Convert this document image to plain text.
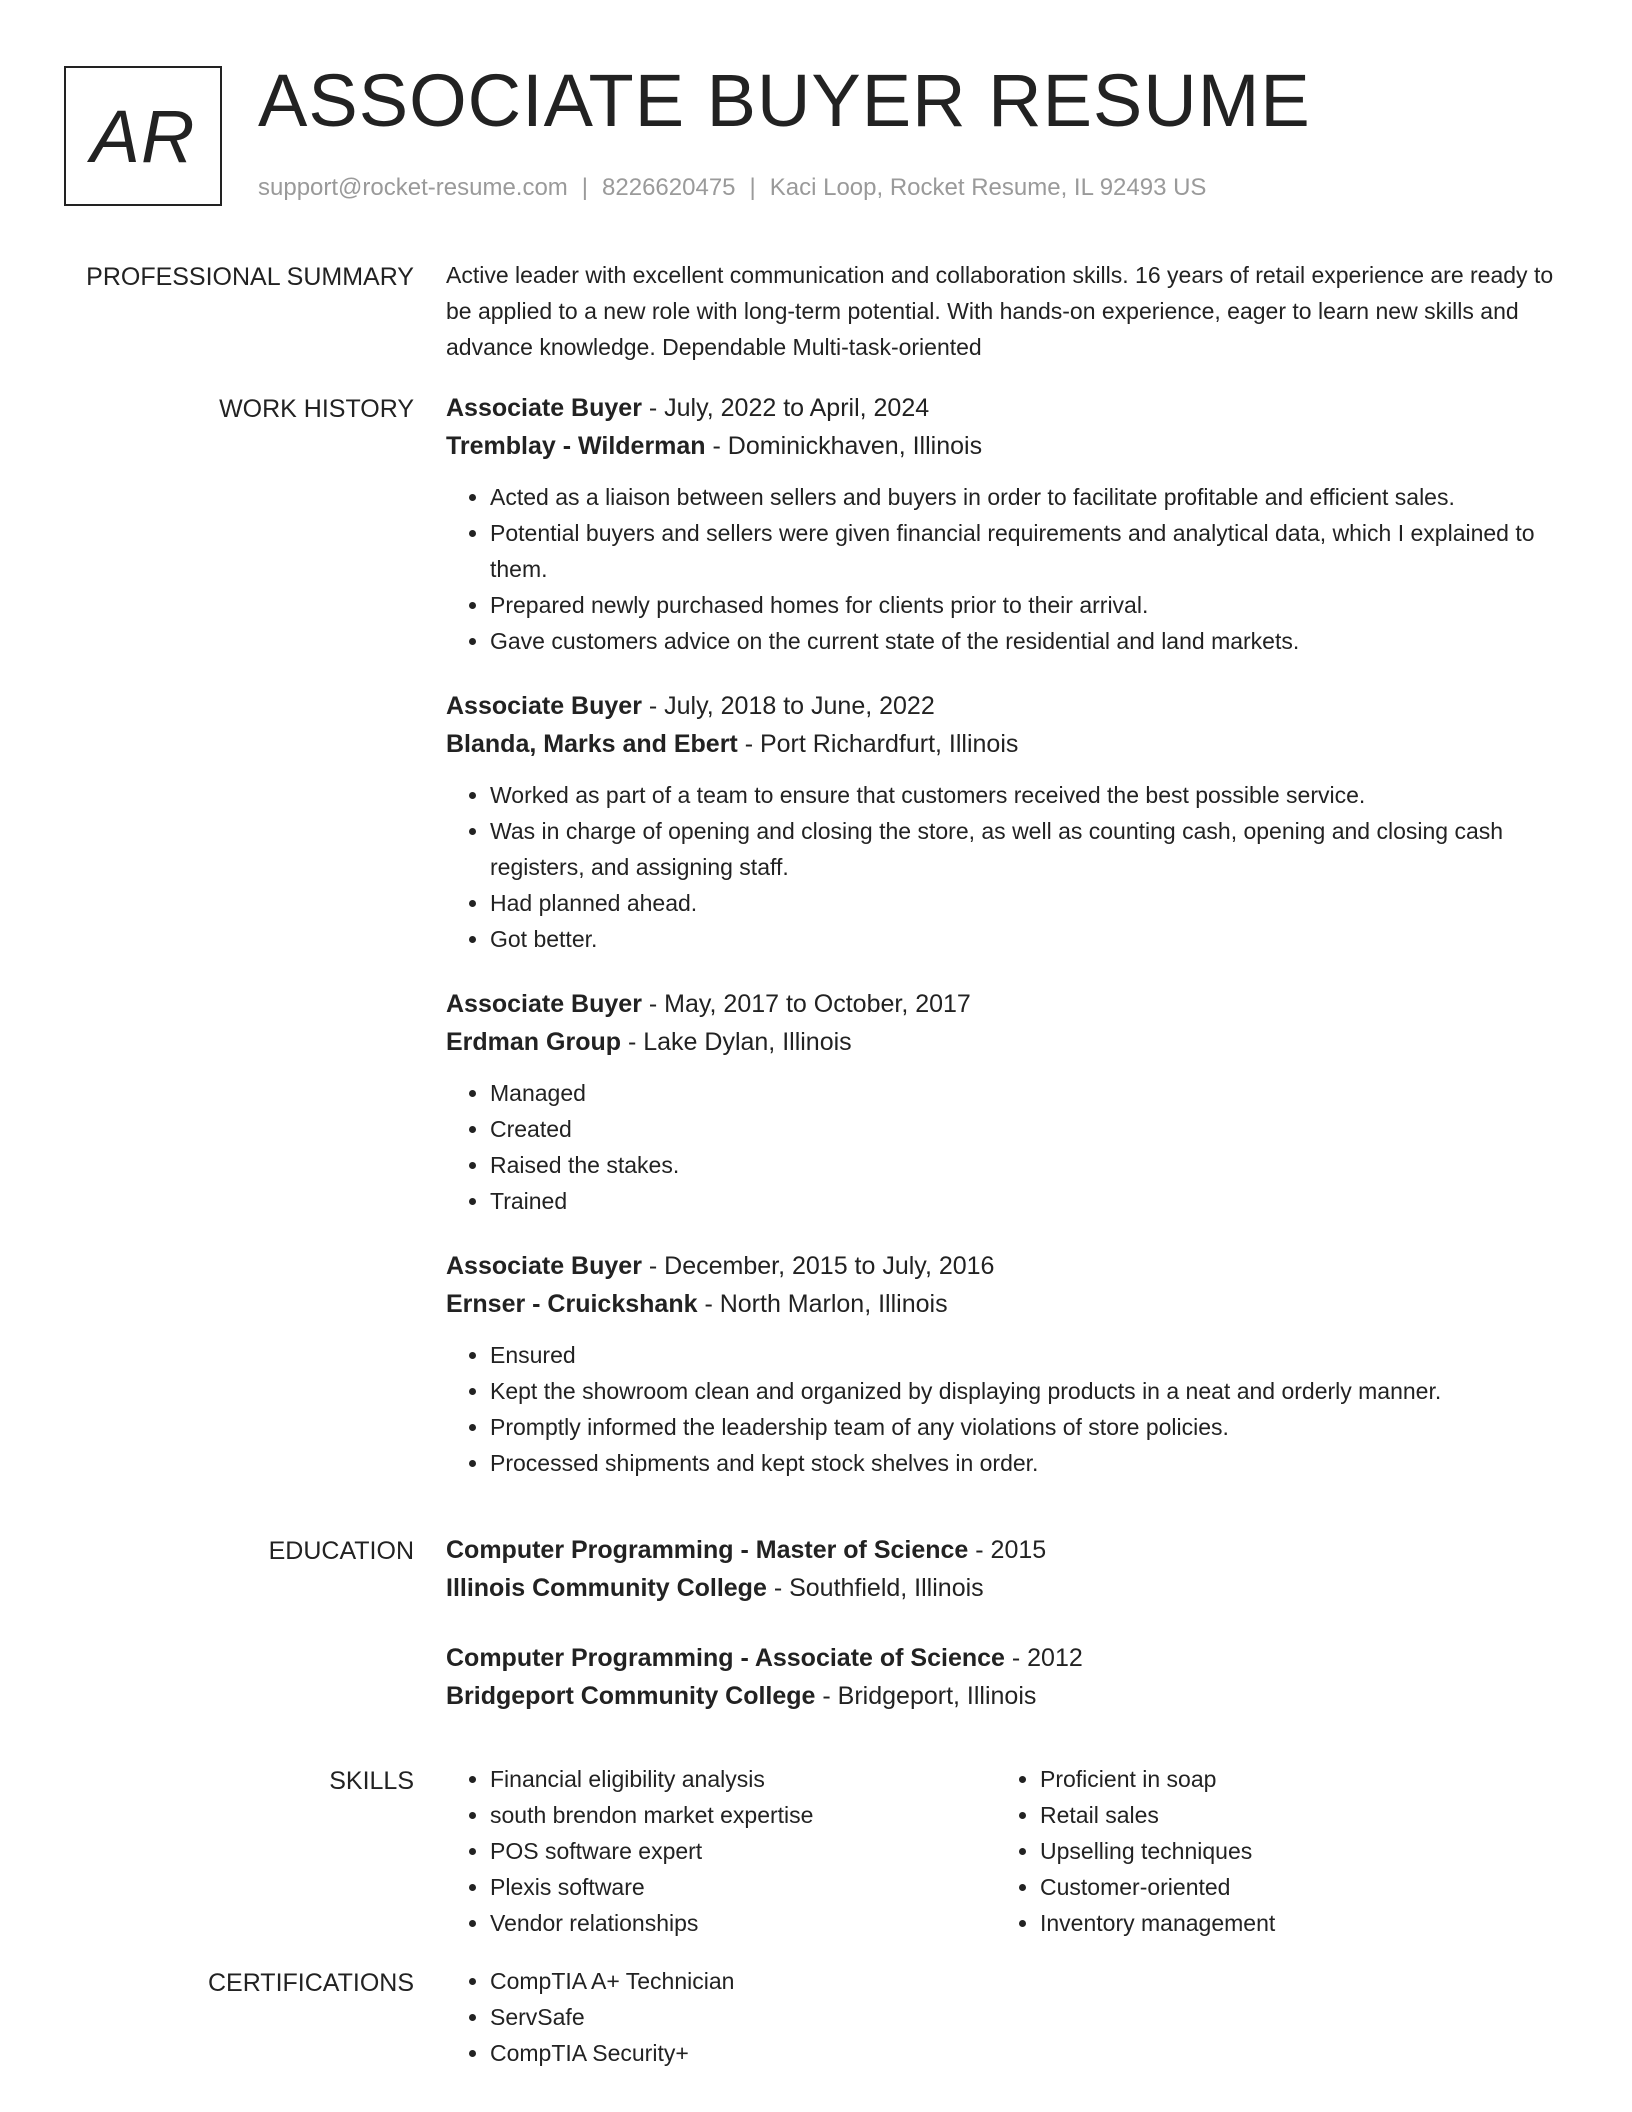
AR ASSOCIATE BUYER RESUME
support@rocket-resume.com | 8226620475 | Kaci Loop, Rocket Resume, IL 92493 US
PROFESSIONAL SUMMARY Active leader with excellent communication and collaboration skills. 16 years of retail experience are ready to be applied to a new role with long-term potential. With hands-on experience, eager to learn new skills and advance knowledge. Dependable Multi-task-oriented

WORK HISTORY Associate Buyer - July, 2022 to April, 2024
Tremblay - Wilderman - Dominickhaven, Illinois
• Acted as a liaison between sellers and buyers in order to facilitate profitable and efficient sales.
• Potential buyers and sellers were given financial requirements and analytical data, which I explained to them.
• Prepared newly purchased homes for clients prior to their arrival.
• Gave customers advice on the current state of the residential and land markets.
Associate Buyer - July, 2018 to June, 2022
Blanda, Marks and Ebert - Port Richardfurt, Illinois
• Worked as part of a team to ensure that customers received the best possible service.
• Was in charge of opening and closing the store, as well as counting cash, opening and closing cash registers, and assigning staff.
• Had planned ahead.
• Got better.
Associate Buyer - May, 2017 to October, 2017
Erdman Group - Lake Dylan, Illinois
• Managed
• Created
• Raised the stakes.
• Trained
Associate Buyer - December, 2015 to July, 2016
Ernser - Cruickshank - North Marlon, Illinois
• Ensured
• Kept the showroom clean and organized by displaying products in a neat and orderly manner.
• Promptly informed the leadership team of any violations of store policies.
• Processed shipments and kept stock shelves in order.
EDUCATION Computer Programming - Master of Science - 2015
Illinois Community College - Southfield, Illinois
Computer Programming - Associate of Science - 2012
Bridgeport Community College - Bridgeport, Illinois
SKILLS	• Financial eligibility analysis
• south brendon market expertise
• POS software expert
• Plexis software
• Vendor relationships
• Proficient in soap
• Retail sales
• Upselling techniques
• Customer-oriented
• Inventory management
CERTIFICATIONS	• CompTIA A+ Technician
• ServSafe
• CompTIA Security+
